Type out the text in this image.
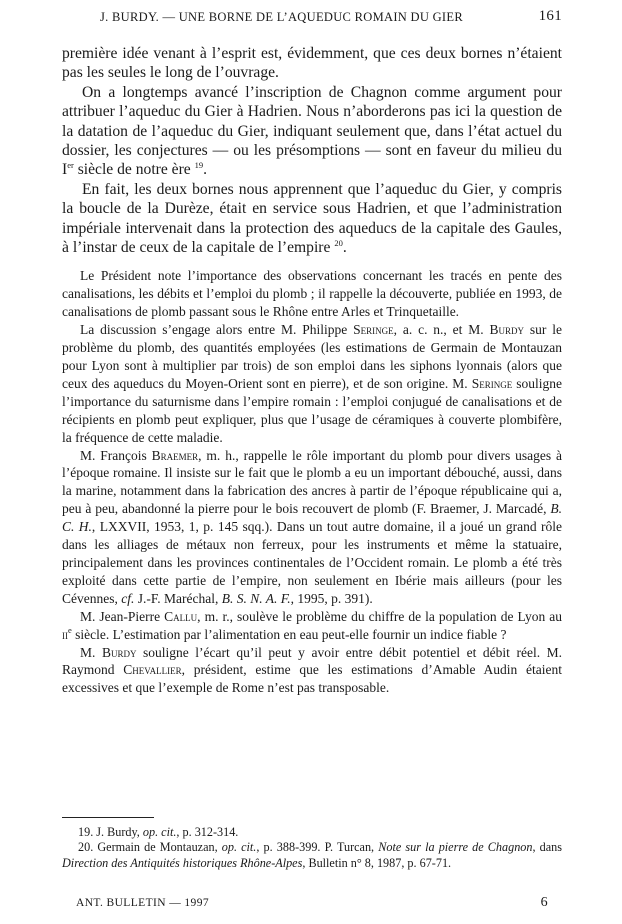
J. BURDY. — UNE BORNE DE L’AQUEDUC ROMAIN DU GIER	161

première idée venant à l’esprit est, évidemment, que ces deux bornes n’étaient pas les seules le long de l’ouvrage.

On a longtemps avancé l’inscription de Chagnon comme argument pour attribuer l’aqueduc du Gier à Hadrien. Nous n’aborderons pas ici la question de la datation de l’aqueduc du Gier, indiquant seulement que, dans l’état actuel du dossier, les conjectures — ou les présomptions — sont en faveur du milieu du Ier siècle de notre ère $^{19}$.

En fait, les deux bornes nous apprennent que l’aqueduc du Gier, y compris la boucle de la Durèze, était en service sous Hadrien, et que l’administration impériale intervenait dans la protection des aqueducs de la capitale des Gaules, à l’instar de ceux de la capitale de l’empire $^{20}$.

Le Président note l’importance des observations concernant les tracés en pente des canalisations, les débits et l’emploi du plomb ; il rappelle la découverte, publiée en 1993, de canalisations de plomb passant sous le Rhône entre Arles et Trinquetaille.

La discussion s’engage alors entre M. Philippe Seringe, a. c. n., et M. Burdy sur le problème du plomb, des quantités employées (les estimations de Germain de Montauzan pour Lyon sont à multiplier par trois) de son emploi dans les siphons lyonnais (alors que ceux des aqueducs du Moyen-Orient sont en pierre), et de son origine. M. Seringe souligne l’importance du saturnisme dans l’empire romain : l’emploi conjugué de canalisations et de récipients en plomb peut expliquer, plus que l’usage de céramiques à couverte plombifère, la fréquence de cette maladie.

M. François Braemer, m. h., rappelle le rôle important du plomb pour divers usages à l’époque romaine. Il insiste sur le fait que le plomb a eu un important débouché, aussi, dans la marine, notamment dans la fabrication des ancres à partir de l’époque républicaine qui a, peu à peu, abandonné la pierre pour le bois recouvert de plomb (F. Braemer, J. Marcadé, B. C. H., LXXVII, 1953, 1, p. 145 sqq.). Dans un tout autre domaine, il a joué un grand rôle dans les alliages de métaux non ferreux, pour les instruments et même la statuaire, principalement dans les provinces continentales de l’Occident romain. Le plomb a été très exploité dans cette partie de l’empire, non seulement en Ibérie mais ailleurs (pour les Cévennes, cf. J.-F. Maréchal, B. S. N. A. F., 1995, p. 391).

M. Jean-Pierre Callu, m. r., soulève le problème du chiffre de la population de Lyon au $ii^e$ siècle. L’estimation par l’alimentation en eau peut-elle fournir un indice fiable ?

M. Burdy souligne l’écart qu’il peut y avoir entre débit potentiel et débit réel. M. Raymond Chevallier, président, estime que les estimations d’Amable Audin étaient excessives et que l’exemple de Rome n’est pas transposable.

19. J. Burdy, op. cit., p. 312-314.

20. Germain de Montauzan, op. cit., p. 388-399. P. Turcan, Note sur la pierre de Chagnon, dans Direction des Antiquités historiques Rhône-Alpes, Bulletin n° 8, 1987, p. 67-71.

ANT. BULLETIN — 1997	6
